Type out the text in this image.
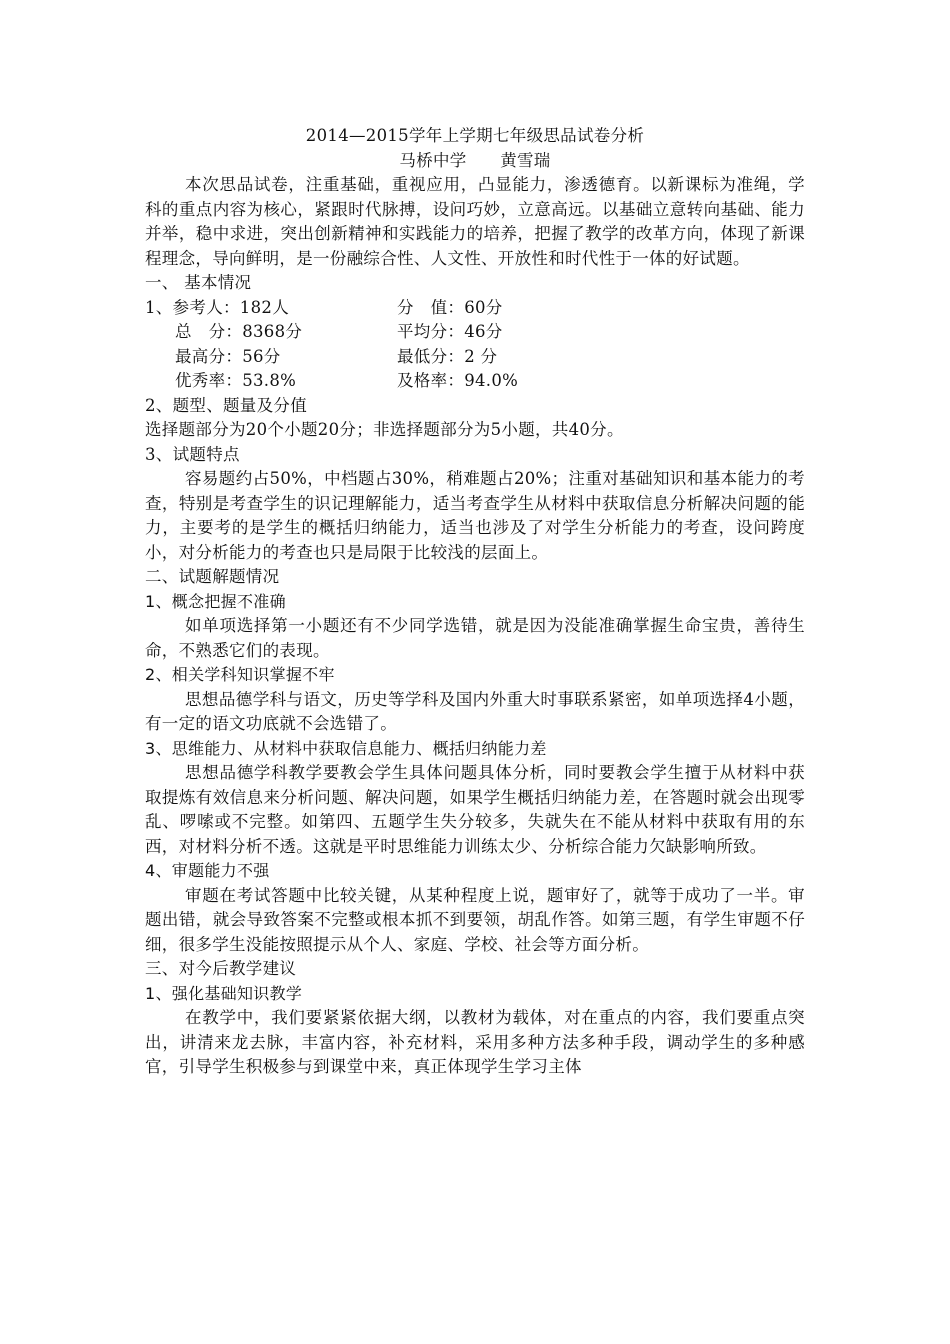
2014—2015学年上学期七年级思品试卷分析

马桥中学　　黄雪瑞

本次思品试卷，注重基础，重视应用，凸显能力，渗透德育。以新课标为准绳，学科的重点内容为核心，紧跟时代脉搏，设问巧妙，立意高远。以基础立意转向基础、能力并举，稳中求进，突出创新精神和实践能力的培养，把握了教学的改革方向，体现了新课程理念，导向鲜明，是一份融综合性、人文性、开放性和时代性于一体的好试题。

一、 基本情况

1、参考人：182人	分　值：60分
总　分：8368分	平均分：46分
最高分：56分	最低分：2 分
优秀率：53.8%	及格率：94.0%

2、题型、题量及分值

选择题部分为20个小题20分；非选择题部分为5小题，共40分。

3、试题特点

容易题约占50%，中档题占30%，稍难题占20%；注重对基础知识和基本能力的考查，特别是考查学生的识记理解能力，适当考查学生从材料中获取信息分析解决问题的能力，主要考的是学生的概括归纳能力，适当也涉及了对学生分析能力的考查，设问跨度小，对分析能力的考查也只是局限于比较浅的层面上。

二、试题解题情况

1、概念把握不准确

如单项选择第一小题还有不少同学选错，就是因为没能准确掌握生命宝贵，善待生命，不熟悉它们的表现。

2、相关学科知识掌握不牢

思想品德学科与语文，历史等学科及国内外重大时事联系紧密，如单项选择4小题，有一定的语文功底就不会选错了。

3、思维能力、从材料中获取信息能力、概括归纳能力差

思想品德学科教学要教会学生具体问题具体分析，同时要教会学生擅于从材料中获取提炼有效信息来分析问题、解决问题，如果学生概括归纳能力差，在答题时就会出现零乱、啰嗦或不完整。如第四、五题学生失分较多，失就失在不能从材料中获取有用的东西，对材料分析不透。这就是平时思维能力训练太少、分析综合能力欠缺影响所致。

4、审题能力不强

审题在考试答题中比较关键，从某种程度上说，题审好了，就等于成功了一半。审题出错，就会导致答案不完整或根本抓不到要领，胡乱作答。如第三题，有学生审题不仔细，很多学生没能按照提示从个人、家庭、学校、社会等方面分析。

三、对今后教学建议

1、强化基础知识教学

在教学中，我们要紧紧依据大纲，以教材为载体，对在重点的内容，我们要重点突出，讲清来龙去脉，丰富内容，补充材料，采用多种方法多种手段，调动学生的多种感官，引导学生积极参与到课堂中来，真正体现学生学习主体
